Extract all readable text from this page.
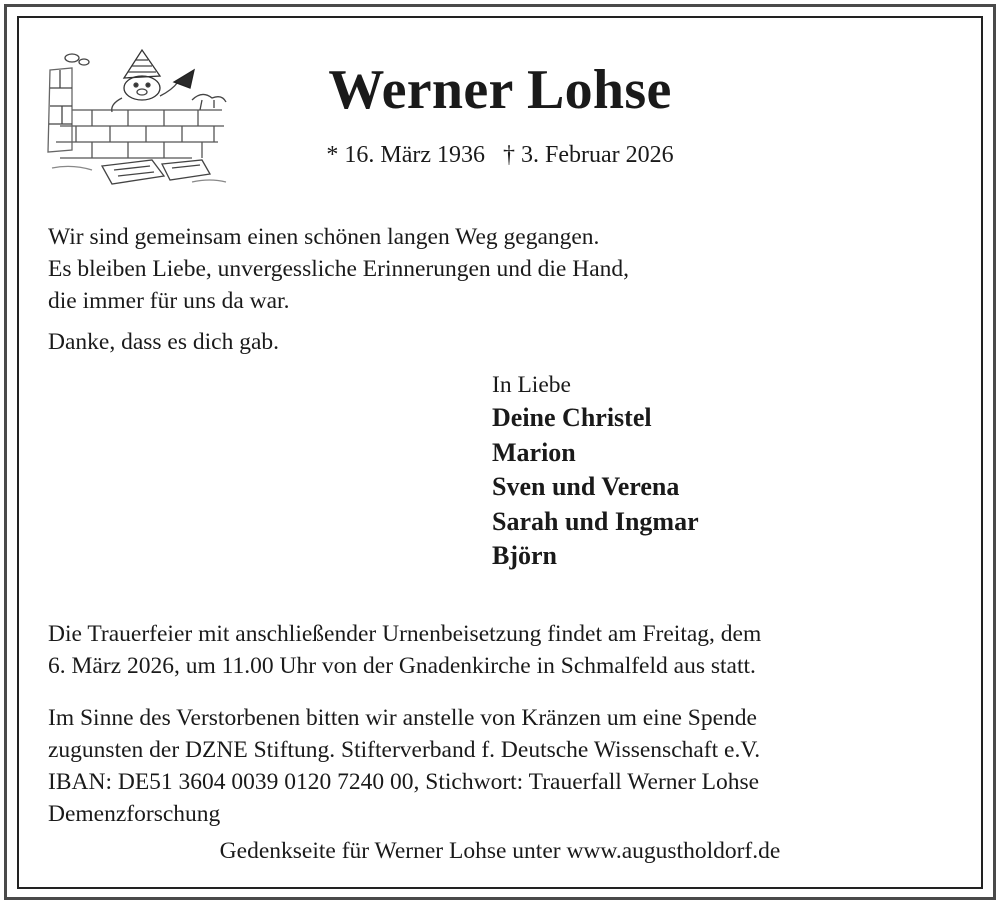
Werner Lohse
* 16. März 1936 † 3. Februar 2026

Wir sind gemeinsam einen schönen langen Weg gegangen.
Es bleiben Liebe, unvergessliche Erinnerungen und die Hand,
die immer für uns da war.

Danke, dass es dich gab.

In Liebe
Deine Christel
Marion
Sven und Verena
Sarah und Ingmar
Björn

Die Trauerfeier mit anschließender Urnenbeisetzung findet am Freitag, dem
6. März 2026, um 11.00 Uhr von der Gnadenkirche in Schmalfeld aus statt.

Im Sinne des Verstorbenen bitten wir anstelle von Kränzen um eine Spende
zugunsten der DZNE Stiftung. Stifterverband f. Deutsche Wissenschaft e.V.
IBAN: DE51 3604 0039 0120 7240 00, Stichwort: Trauerfall Werner Lohse
Demenzforschung

Gedenkseite für Werner Lohse unter www.augustholdorf.de
